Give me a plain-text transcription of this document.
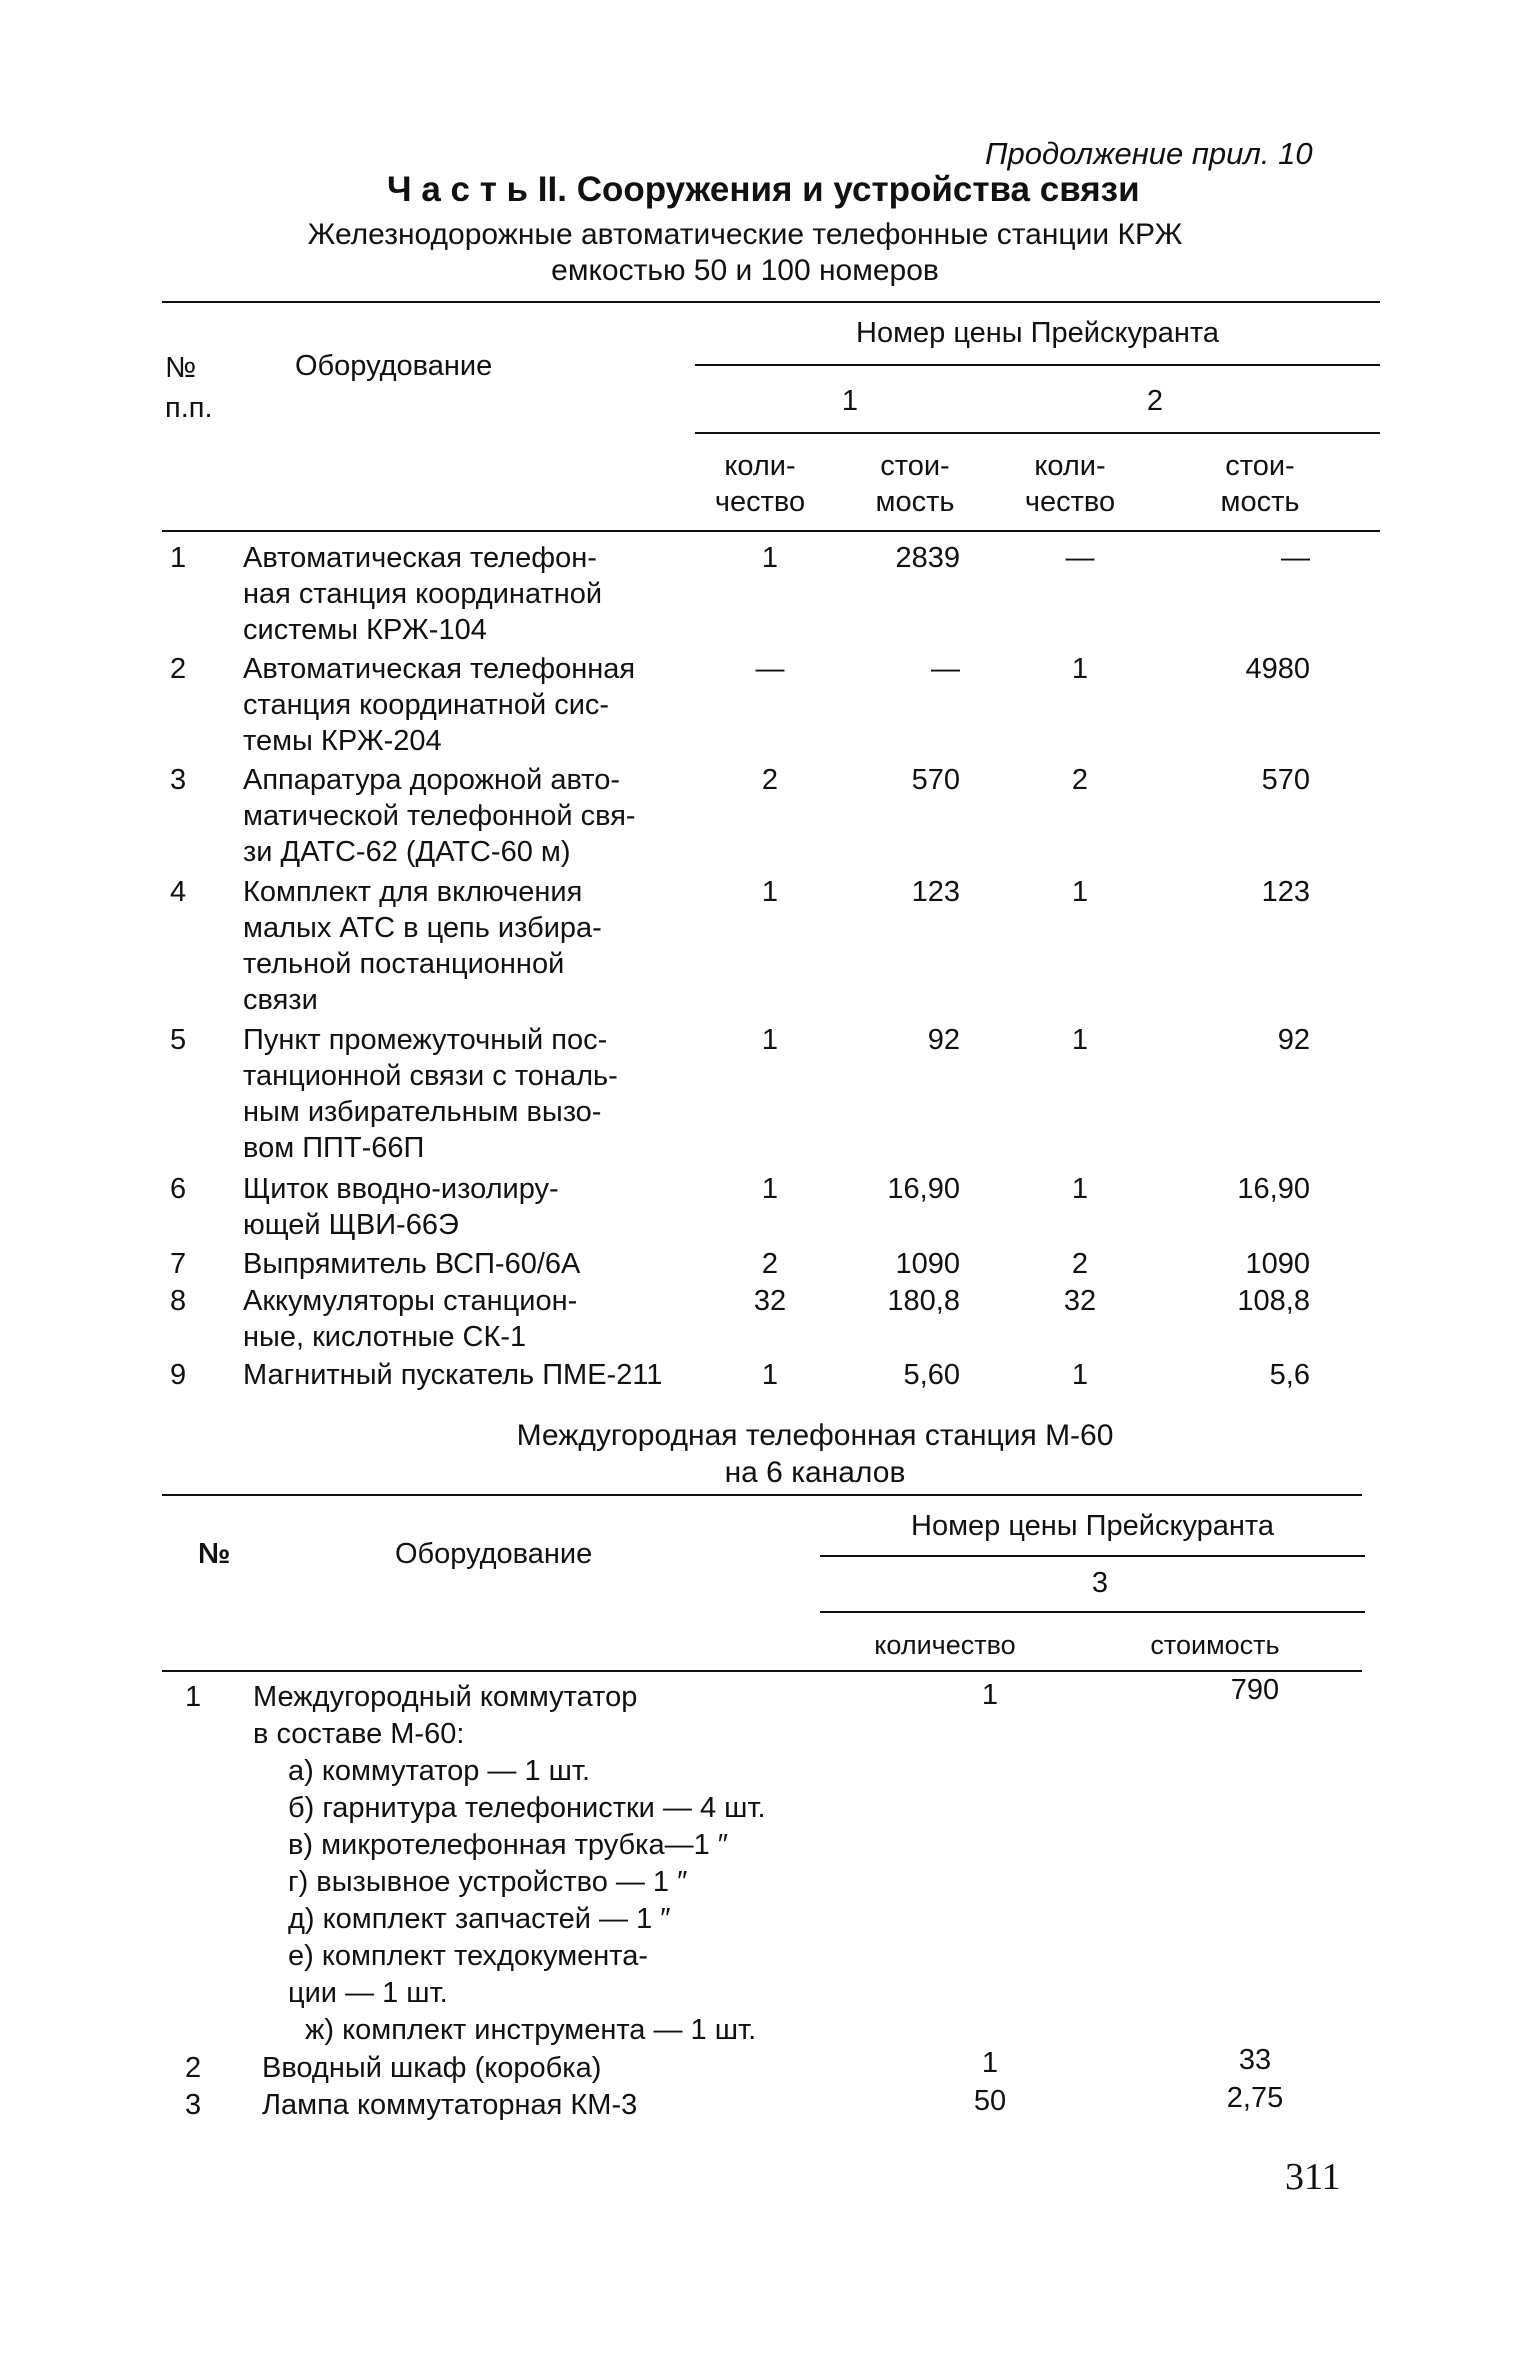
Продолжение прил. 10
Ч а с т ь II. Сооружения и устройства связи
Железнодорожные автоматические телефонные станции КРЖ
емкостью 50 и 100 номеров
№
п.п.
Оборудование
Номер цены Прейскуранта
1	2
коли-
чество
стои-
мость
коли-
чество
стои-
мость
1 Автоматическая телефон-
ная станция координатной
системы КРЖ-104
1	2839	—	—
2 Автоматическая телефонная
станция координатной сис-
темы КРЖ-204
—	—	1	4980
3 Аппаратура дорожной авто-
матической телефонной свя-
зи ДАТС-62 (ДАТС-60 м)
2	570	2	570
4 Комплект для включения
малых АТС в цепь избира-
тельной постанционной
связи
1	123	1	123
5 Пункт промежуточный пос-
танционной связи с тональ-
ным избирательным вызо-
вом ППТ-66П
1	92	1	92
6 Щиток вводно-изолиру-
ющей ЩВИ-66Э
1	16,90	1	16,90
7 Выпрямитель ВСП-60/6А	2	1090	2	1090
8 Аккумуляторы станцион-
ные, кислотные СК-1
32	180,8	32	108,8
9 Магнитный пускатель ПМЕ-211	1	5,60	1	5,6
Междугородная телефонная станция М-60
на 6 каналов
№	Оборудование
Номер цены Прейскуранта
3
количество	стоимость
1 Междугородный коммутатор
в составе М-60:
1	790
а) коммутатор — 1 шт.
б) гарнитура телефонистки — 4 шт.
в) микротелефонная трубка—1 ″
г) вызывное устройство — 1 ″
д) комплект запчастей — 1 ″
е) комплект техдокумента-
ции — 1 шт.
ж) комплект инструмента — 1 шт.
2 Вводный шкаф (коробка)	1	33
3 Лампа коммутаторная КМ-3	50	2,75
311
